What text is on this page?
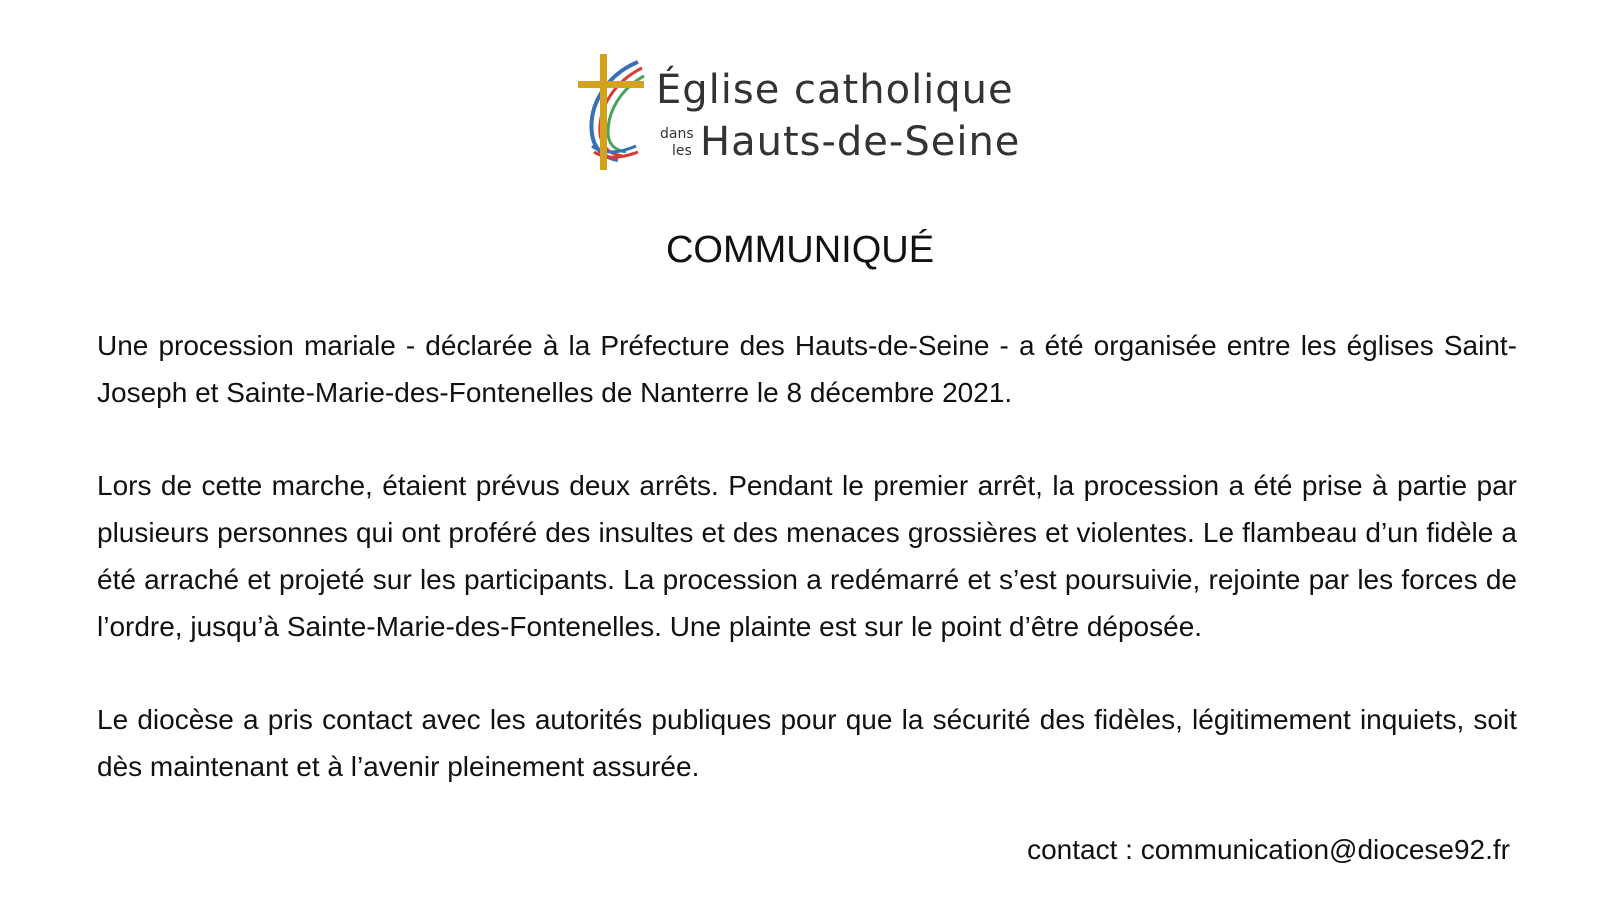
Église catholique
dans
les Hauts-de-Seine
COMMUNIQUÉ

Une procession mariale - déclarée à la Préfecture des Hauts-de-Seine - a été organisée entre les églises Saint-Joseph et Sainte-Marie-des-Fontenelles de Nanterre le 8 décembre 2021.

Lors de cette marche, étaient prévus deux arrêts. Pendant le premier arrêt, la procession a été prise à partie par plusieurs personnes qui ont proféré des insultes et des menaces grossières et violentes. Le flambeau d’un fidèle a été arraché et projeté sur les participants. La procession a redémarré et s’est poursuivie, rejointe par les forces de l’ordre, jusqu’à Sainte-Marie-des-Fontenelles. Une plainte est sur le point d’être déposée.

Le diocèse a pris contact avec les autorités publiques pour que la sécurité des fidèles, légitimement inquiets, soit dès maintenant et à l’avenir pleinement assurée.

contact : communication@diocese92.fr
